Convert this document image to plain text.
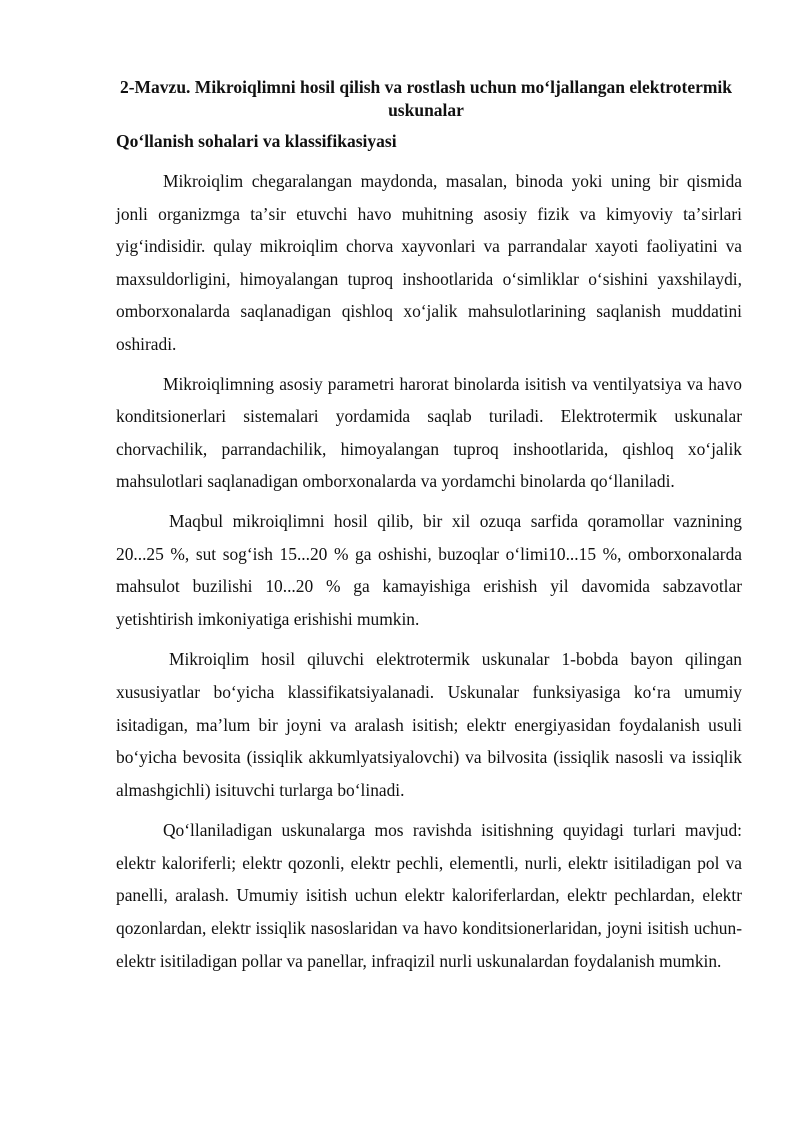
2-Mavzu. Mikroiqlimni hosil qilish va rostlash uchun moʻljallangan elektrotermik uskunalar
Qoʻllanish sohalari va klassifikasiyasi

Mikroiqlim chegaralangan maydonda, masalan, binoda yoki uning bir qismida jonli organizmga taʼsir etuvchi havo muhitning asosiy fizik va kimyoviy taʼsirlari yigʻindisidir. qulay mikroiqlim chorva xayvonlari va parrandalar xayoti faoliyatini va maxsuldorligini, himoyalangan tuproq inshootlarida oʻsimliklar oʻsishini yaxshilaydi, omborxonalarda saqlanadigan qishloq xoʻjalik mahsulotlarining saqlanish muddatini oshiradi.

Mikroiqlimning asosiy parametri harorat binolarda isitish va ventilyatsiya va havo konditsionerlari sistemalari yordamida saqlab turiladi. Elektrotermik uskunalar chorvachilik, parrandachilik, himoyalangan tuproq inshootlarida, qishloq xoʻjalik mahsulotlari saqlanadigan omborxonalarda va yordamchi binolarda qoʻllaniladi.

Maqbul mikroiqlimni hosil qilib, bir xil ozuqa sarfida qoramollar vaznining 20...25 %, sut sogʻish 15...20 % ga oshishi, buzoqlar oʻlimi10...15 %, omborxonalarda mahsulot buzilishi 10...20 % ga kamayishiga erishish yil davomida sabzavotlar yetishtirish imkoniyatiga erishishi mumkin.

Mikroiqlim hosil qiluvchi elektrotermik uskunalar 1-bobda bayon qilingan xususiyatlar boʻyicha klassifikatsiyalanadi. Uskunalar funksiyasiga koʻra umumiy isitadigan, maʼlum bir joyni va aralash isitish; elektr energiyasidan foydalanish usuli boʻyicha bevosita (issiqlik akkumlyatsiyalovchi) va bilvosita (issiqlik nasosli va issiqlik almashgichli) isituvchi turlarga boʻlinadi.

Qoʻllaniladigan uskunalarga mos ravishda isitishning quyidagi turlari mavjud: elektr kaloriferli; elektr qozonli, elektr pechli, elementli, nurli, elektr isitiladigan pol va panelli, aralash. Umumiy isitish uchun elektr kaloriferlardan, elektr pechlardan, elektr qozonlardan, elektr issiqlik nasoslaridan va havo konditsionerlaridan, joyni isitish uchun-elektr isitiladigan pollar va panellar, infraqizil nurli uskunalardan foydalanish mumkin.
